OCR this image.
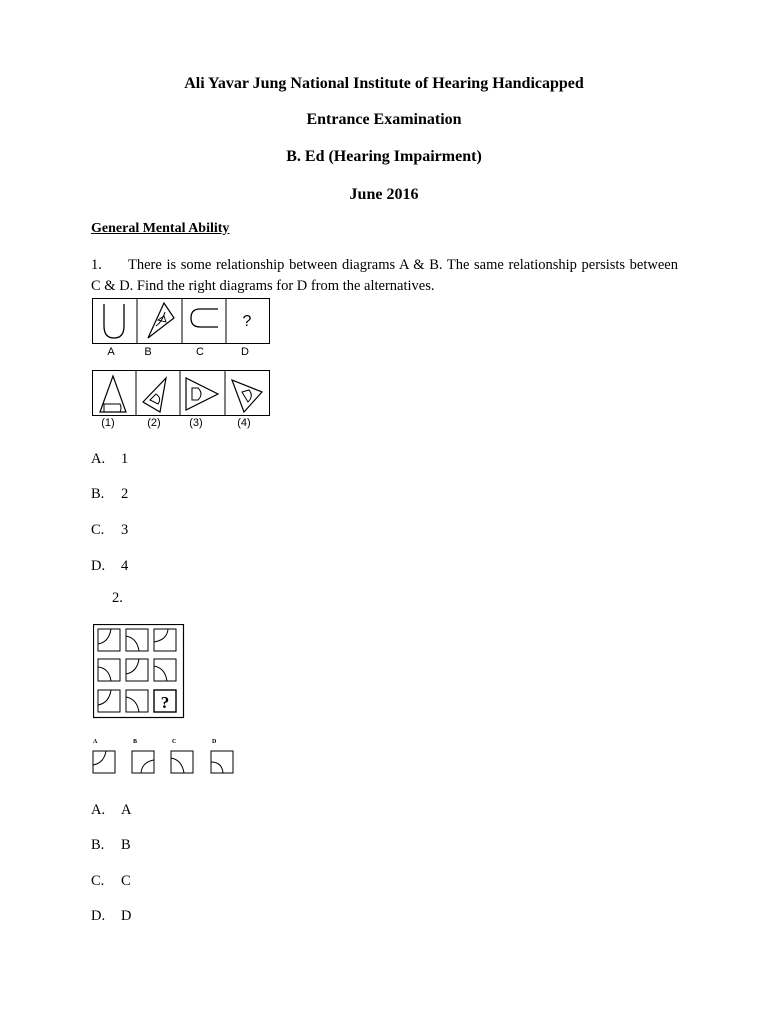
Ali Yavar Jung National Institute of Hearing Handicapped
Entrance Examination
B. Ed (Hearing Impairment)
June 2016
General Mental Ability
1. There is some relationship between diagrams A & B. The same relationship persists between C & D. Find the right diagrams for D from the alternatives.
?
A	B	C	D
(1)	(2)	(3)	(4)
A. 1
B. 2
C. 3
D. 4
2.
?
A	B	C	D
A. A
B. B
C. C
D. D
